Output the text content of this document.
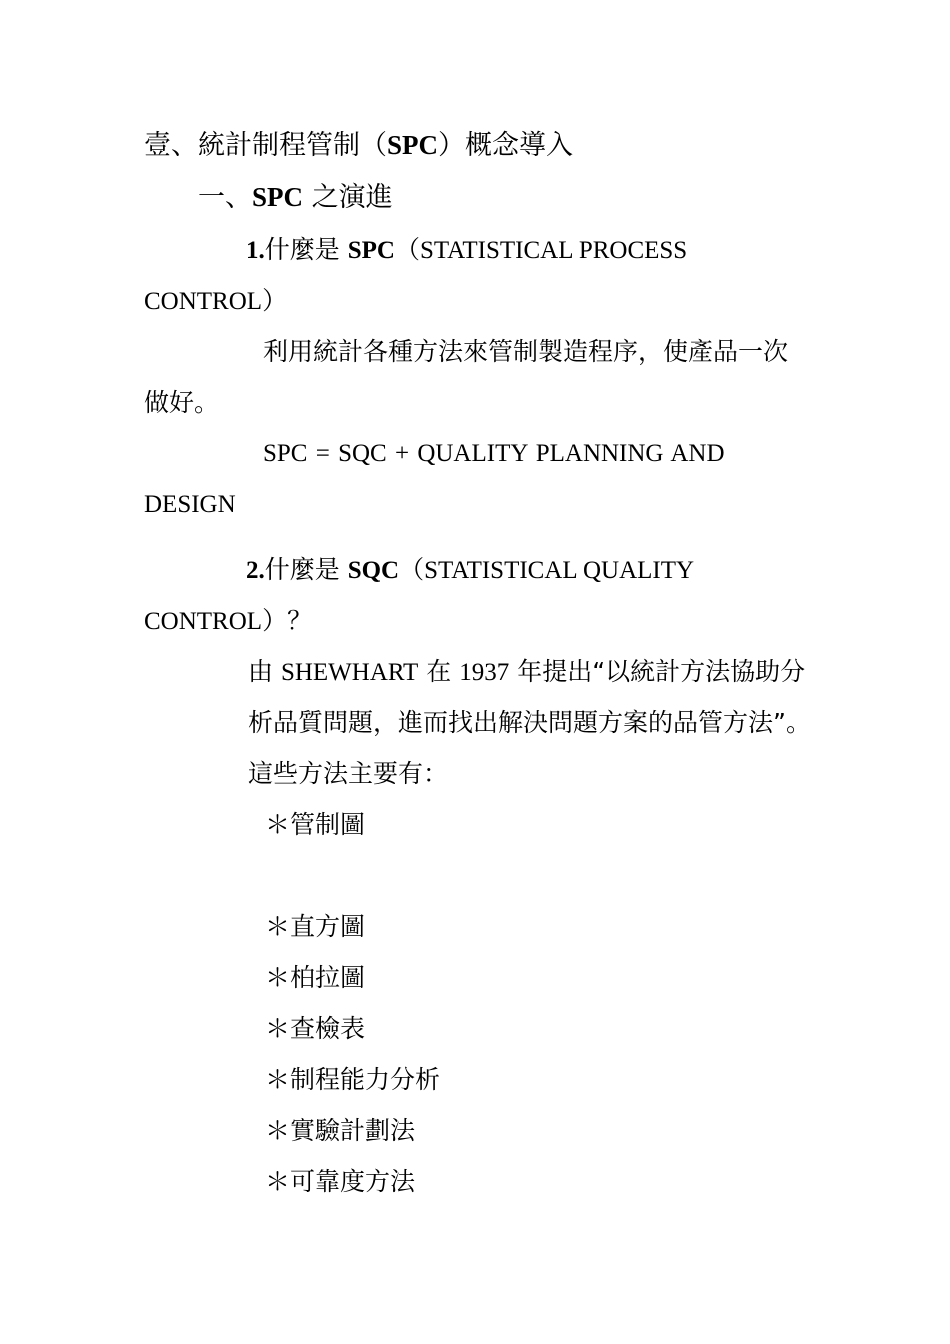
壹、統計制程管制（SPC）概念導入
一、SPC 之演進
1.什麼是 SPC（STATISTICAL PROCESS
CONTROL）
利用統計各種方法來管制製造程序，使產品一次
做好。
SPC = SQC + QUALITY PLANNING AND
DESIGN
2.什麼是 SQC（STATISTICAL QUALITY
CONTROL）？
由 SHEWHART 在 1937 年提出“以統計方法協助分
析品質問題，進而找出解決問題方案的品管方法”。
這些方法主要有：
＊管制圖
＊直方圖
＊柏拉圖
＊查檢表
＊制程能力分析
＊實驗計劃法
＊可靠度方法
